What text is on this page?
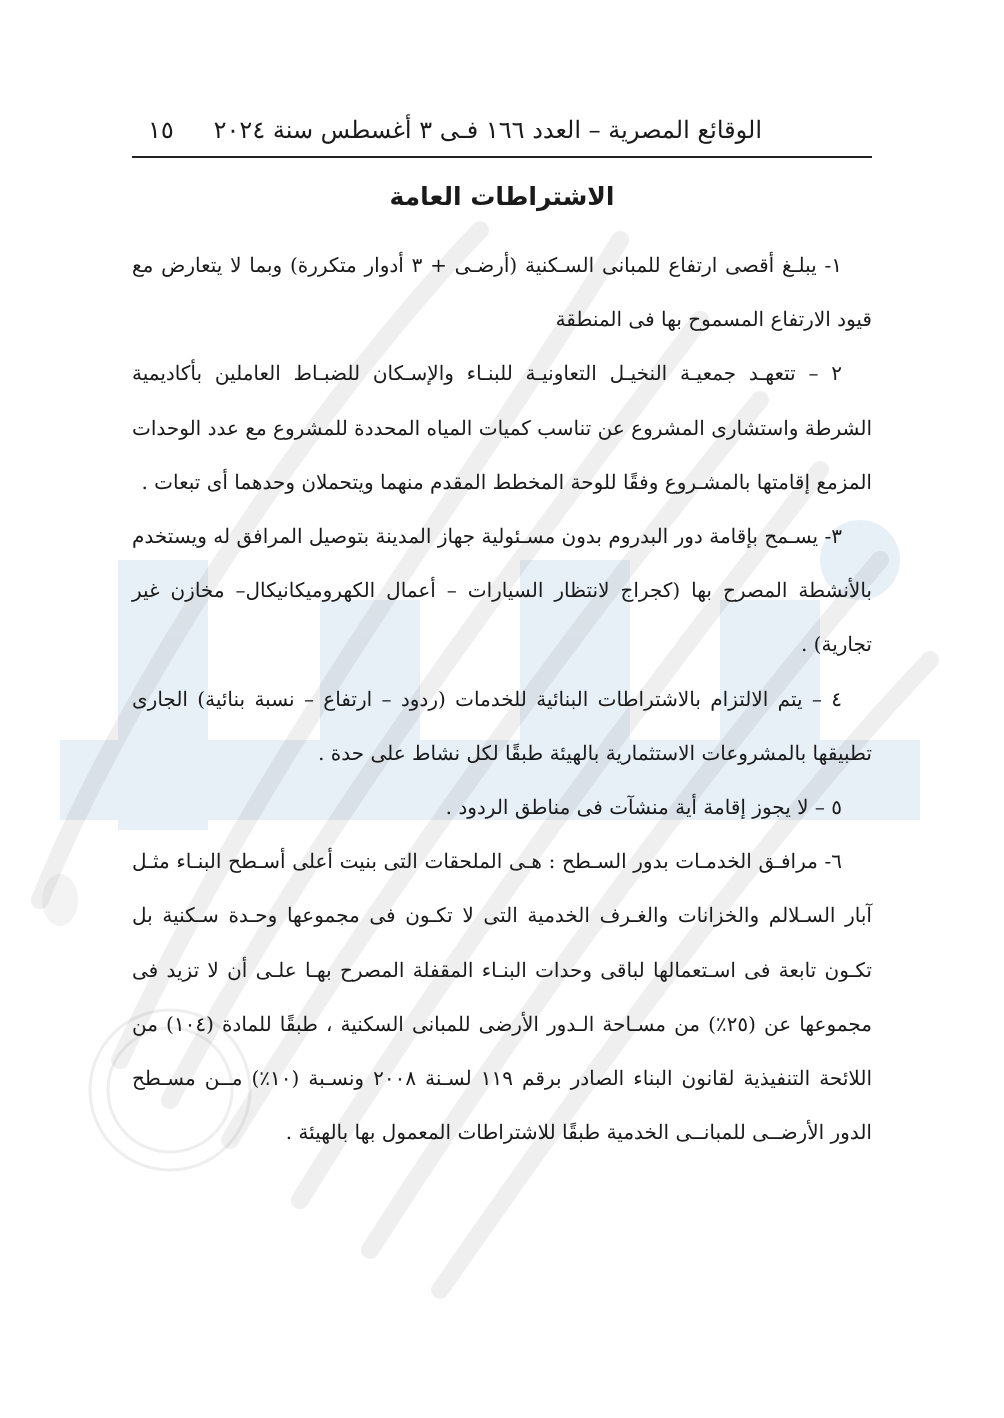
الوقائع المصرية – العدد ١٦٦ فـى ٣ أغسطس سنة ٢٠٢٤
١٥
الاشتراطات العامة

١- يبلـغ أقصى ارتفاع للمبانى السـكنية (أرضـى + ٣ أدوار متكررة) وبما لا يتعارض مع قيود الارتفاع المسموح بها فى المنطقة

٢ – تتعهـد جمعيـة النخيـل التعاونيـة للبنـاء والإسـكان للضبـاط العاملين بأكاديمية الشرطة واستشارى المشروع عن تناسب كميات المياه المحددة للمشروع مع عدد الوحدات المزمع إقامتها بالمشـروع وفقًا للوحة المخطط المقدم منهما ويتحملان وحدهما أى تبعات .

٣- يسـمح بإقامة دور البدروم بدون مسـئولية جهاز المدينة بتوصيل المرافق له ويستخدم بالأنشطة المصرح بها (كجراج لانتظار السيارات – أعمال الكهروميكانيكال– مخازن غير تجارية) .

٤ – يتم الالتزام بالاشتراطات البنائية للخدمات (ردود – ارتفاع – نسبة بنائية) الجارى تطبيقها بالمشروعات الاستثمارية بالهيئة طبقًا لكل نشاط على حدة .

٥ – لا يجوز إقامة أية منشآت فى مناطق الردود .

٦- مرافـق الخدمـات بدور السـطح : هـى الملحقات التى بنيت أعلى أسـطح البنـاء مثـل آبار السـلالم والخزانات والغـرف الخدمية التى لا تكـون فى مجموعها وحـدة سـكنية بل تكـون تابعة فى اسـتعمالها لباقى وحدات البنـاء المقفلة المصرح بهـا علـى أن لا تزيد فى مجموعها عن (٢٥٪) من مسـاحة الـدور الأرضى للمبانى السكنية ، طبقًا للمادة (١٠٤) من اللائحة التنفيذية لقانون البناء الصادر برقم ١١٩ لسـنة ٢٠٠٨ ونسـبة (١٠٪) مــن مسـطح الدور الأرضــى للمبانــى الخدمية طبقًا للاشتراطات المعمول بها بالهيئة .
